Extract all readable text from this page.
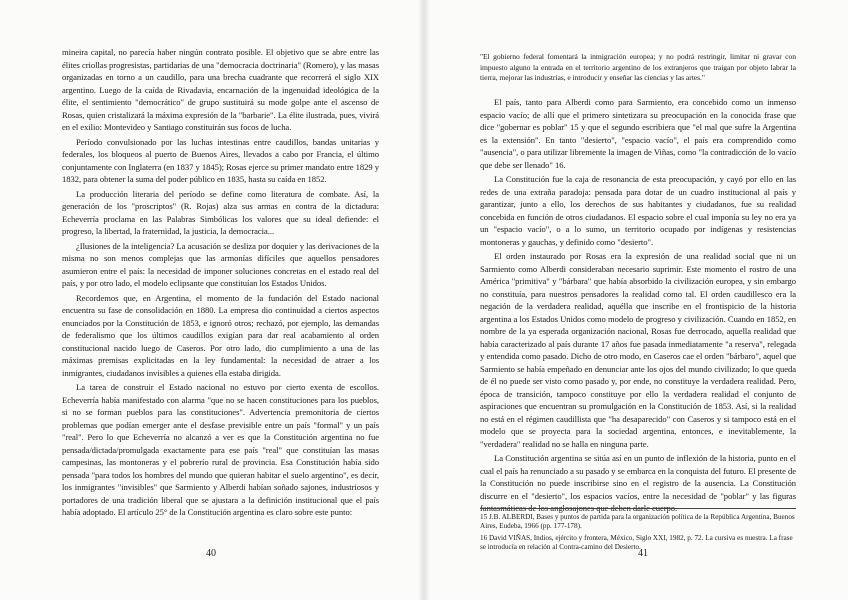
mineira capital, no parecía haber ningún contrato posible. El objetivo que se abre entre las élites criollas progresistas, partidarias de una "democracia doctrinaria" (Romero), y las masas organizadas en torno a un caudillo, para una brecha cuadrante que recorrerá el siglo XIX argentino. Luego de la caída de Rivadavia, encarnación de la ingenuidad ideológica de la élite, el sentimiento "democrático" de grupo sustituirá su mode golpe ante el ascenso de Rosas, quien cristalizará la máxima expresión de la "barbarie". La élite ilustrada, pues, vivirá en el exilio: Montevideo y Santiago constituirán sus focos de lucha.

Período convulsionado por las luchas intestinas entre caudillos, bandas unitarias y federales, los bloqueos al puerto de Buenos Aires, llevados a cabo por Francia, el último conjuntamente con Inglaterra (en 1837 y 1845); Rosas ejerce su primer mandato entre 1829 y 1832, para obtener la suma del poder público en 1835, hasta su caída en 1852.

La producción literaria del período se define como literatura de combate. Así, la generación de los "proscriptos" (R. Rojas) alza sus armas en contra de la dictadura: Echeverría proclama en las Palabras Simbólicas los valores que su ideal defiende: el progreso, la libertad, la fraternidad, la justicia, la democracia...

¿Ilusiones de la inteligencia? La acusación se desliza por doquier y las derivaciones de la misma no son menos complejas que las armonías difíciles que aquellos pensadores asumieron entre el país: la necesidad de imponer soluciones concretas en el estado real del país, y por otro lado, el modelo eclipsante que constituían los Estados Unidos.

Recordemos que, en Argentina, el momento de la fundación del Estado nacional encuentra su fase de consolidación en 1880. La empresa dio continuidad a ciertos aspectos enunciados por la Constitución de 1853, e ignoró otros; rechazó, por ejemplo, las demandas de federalismo que los últimos caudillos exigían para dar real acabamiento al orden constitucional nacido luego de Caseros. Por otro lado, dio cumplimiento a una de las máximas premisas explicitadas en la ley fundamental: la necesidad de atraer a los inmigrantes, ciudadanos invisibles a quienes ella estaba dirigida.

La tarea de construir el Estado nacional no estuvo por cierto exenta de escollos. Echeverría había manifestado con alarma "que no se hacen constituciones para los pueblos, si no se forman pueblos para las constituciones". Advertencia premonitoria de ciertos problemas que podían emerger ante el desfase previsible entre un país "formal" y un país "real". Pero lo que Echeverría no alcanzó a ver es que la Constitución argentina no fue pensada/dictada/promulgada exactamente para ese país "real" que constituían las masas campesinas, las montoneras y el pobrerío rural de provincia. Esa Constitución había sido pensada "para todos los hombres del mundo que quieran habitar el suelo argentino", es decir, los inmigrantes "invisibles" que Sarmiento y Alberdi habían soñado sajones, industriosos y portadores de una tradición liberal que se ajustara a la definición institucional que el país había adoptado. El artículo 25° de la Constitución argentina es claro sobre este punto:

40

"El gobierno federal fomentará la inmigración europea; y no podrá restringir, limitar ni gravar con impuesto alguno la entrada en el territorio argentino de los extranjeros que traigan por objeto labrar la tierra, mejorar las industrias, e introducir y enseñar las ciencias y las artes."

El país, tanto para Alberdi como para Sarmiento, era concebido como un inmenso espacio vacío; de allí que el primero sintetizara su preocupación en la conocida frase que dice "gobernar es poblar" 15 y que el segundo escribiera que "el mal que sufre la Argentina es la extensión". En tanto "desierto", "espacio vacío", el país era comprendido como "ausencia", o para utilizar libremente la imagen de Viñas, como "la contradicción de lo vacío que debe ser llenado" 16.

La Constitución fue la caja de resonancia de esta preocupación, y cayó por ello en las redes de una extraña paradoja: pensada para dotar de un cuadro institucional al país y garantizar, junto a ello, los derechos de sus habitantes y ciudadanos, fue su realidad concebida en función de otros ciudadanos. El espacio sobre el cual imponía su ley no era ya un "espacio vacío", o a lo sumo, un territorio ocupado por indígenas y resistencias montoneras y gauchas, y definido como "desierto".

El orden instaurado por Rosas era la expresión de una realidad social que ni un Sarmiento como Alberdi consideraban necesario suprimir. Este momento el rostro de una América "primitiva" y "bárbara" que había absorbido la civilización europea, y sin embargo no constituía, para nuestros pensadores la realidad como tal. El orden caudillesco era la negación de la verdadera realidad, aquélla que inscribe en el frontispicio de la historia argentina a los Estados Unidos como modelo de progreso y civilización. Cuando en 1852, en nombre de la ya esperada organización nacional, Rosas fue derrocado, aquella realidad que había caracterizado al país durante 17 años fue pasada inmediatamente "a reserva", relegada y entendida como pasado. Dicho de otro modo, en Caseros cae el orden "bárbaro", aquel que Sarmiento se había empeñado en denunciar ante los ojos del mundo civilizado; lo que queda de él no puede ser visto como pasado y, por ende, no constituye la verdadera realidad. Pero, época de transición, tampoco constituye por ello la verdadera realidad el conjunto de aspiraciones que encuentran su promulgación en la Constitución de 1853. Así, si la realidad no está en el régimen caudillista que "ha desaparecido" con Caseros y si tampoco está en el modelo que se proyecta para la sociedad argentina, entonces, e inevitablemente, la "verdadera" realidad no se halla en ninguna parte.

La Constitución argentina se sitúa así en un punto de inflexión de la historia, punto en el cual el país ha renunciado a su pasado y se embarca en la conquista del futuro. El presente de la Constitución no puede inscribirse sino en el registro de la ausencia. La Constitución discurre en el "desierto", los espacios vacíos, entre la necesidad de "poblar" y las figuras fantasmáticas de los anglosajones que deben darle cuerpo.

15 J.B. ALBERDI, Bases y puntos de partida para la organización política de la República Argentina, Buenos Aires, Eudeba, 1966 (pp. 177-178).

16 David VIÑAS, Indios, ejército y frontera, México, Siglo XXI, 1982, p. 72. La cursiva es nuestra. La frase se introducía en relación al Contra-camino del Desierto.

41
